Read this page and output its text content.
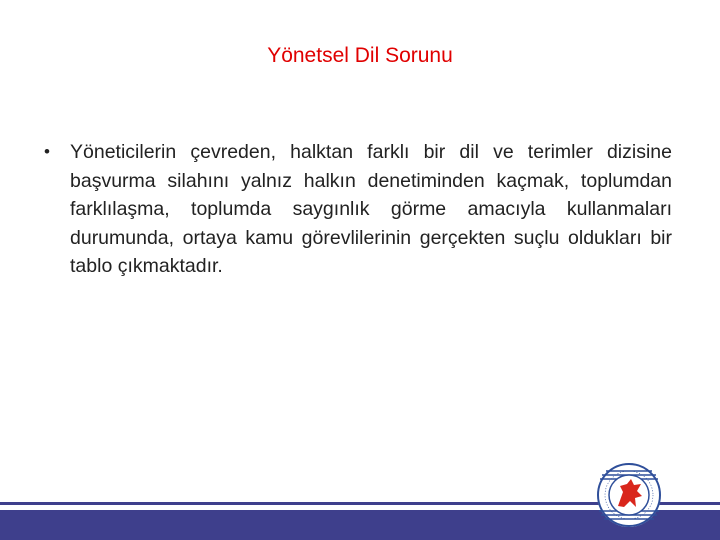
Yönetsel Dil Sorunu
•	Yöneticilerin çevreden, halktan farklı bir dil ve terimler dizisine başvurma silahını yalnız halkın denetiminden kaçmak, toplumdan farklılaşma, toplumda saygınlık görme amacıyla kullanmaları durumunda, ortaya kamu görevlilerinin gerçekten suçlu oldukları bir tablo çıkmaktadır.
